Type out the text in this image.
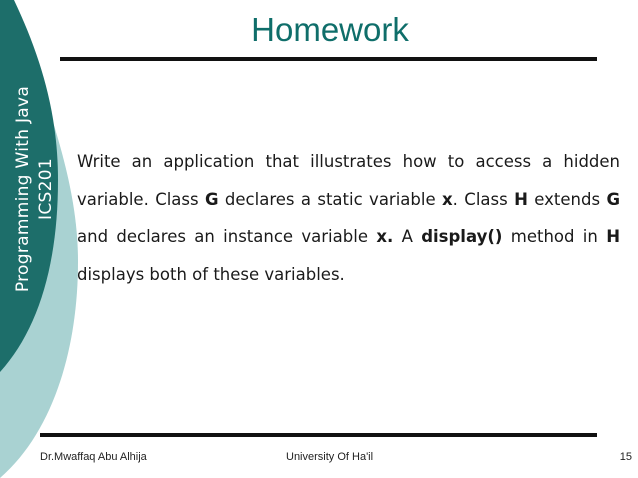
Programming With Java ICS201
Homework
Write an application that illustrates how to access a hidden variable. Class G declares a static variable x. Class H extends G and declares an instance variable x. A display() method in H displays both of these variables.
Dr.Mwaffaq Abu Alhija	University Of Ha'il	15
